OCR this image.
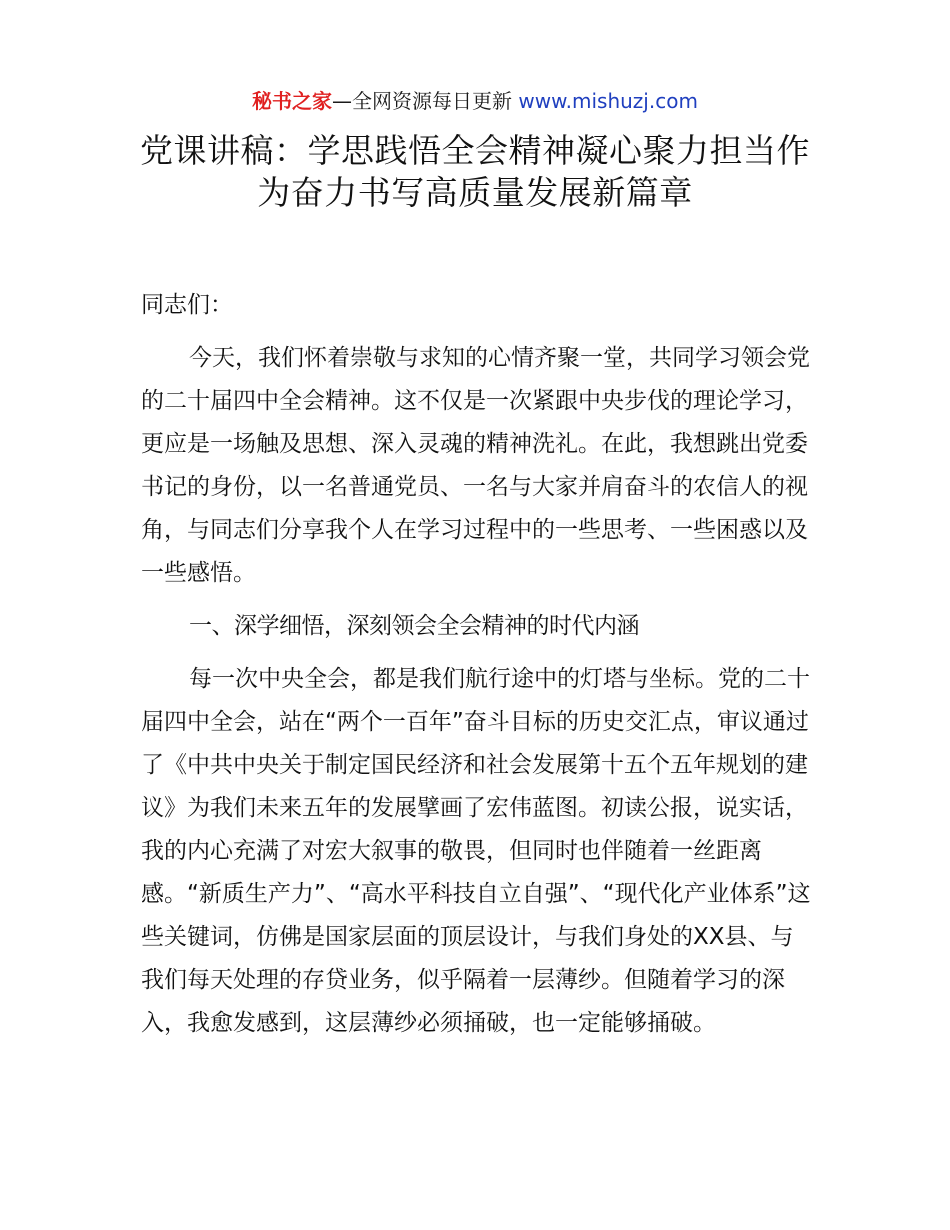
秘书之家—全网资源每日更新 www.mishuzj.com
党课讲稿：学思践悟全会精神凝心聚力担当作为奋力书写高质量发展新篇章

同志们：

今天，我们怀着崇敬与求知的心情齐聚一堂，共同学习领会党的二十届四中全会精神。这不仅是一次紧跟中央步伐的理论学习，更应是一场触及思想、深入灵魂的精神洗礼。在此，我想跳出党委书记的身份，以一名普通党员、一名与大家并肩奋斗的农信人的视角，与同志们分享我个人在学习过程中的一些思考、一些困惑以及一些感悟。

一、深学细悟，深刻领会全会精神的时代内涵

每一次中央全会，都是我们航行途中的灯塔与坐标。党的二十届四中全会，站在“两个一百年”奋斗目标的历史交汇点，审议通过了《中共中央关于制定国民经济和社会发展第十五个五年规划的建议》为我们未来五年的发展擘画了宏伟蓝图。初读公报，说实话，我的内心充满了对宏大叙事的敬畏，但同时也伴随着一丝距离感。“新质生产力”、“高水平科技自立自强”、“现代化产业体系”这些关键词，仿佛是国家层面的顶层设计，与我们身处的XX县、与我们每天处理的存贷业务，似乎隔着一层薄纱。但随着学习的深入，我愈发感到，这层薄纱必须捅破，也一定能够捅破。
